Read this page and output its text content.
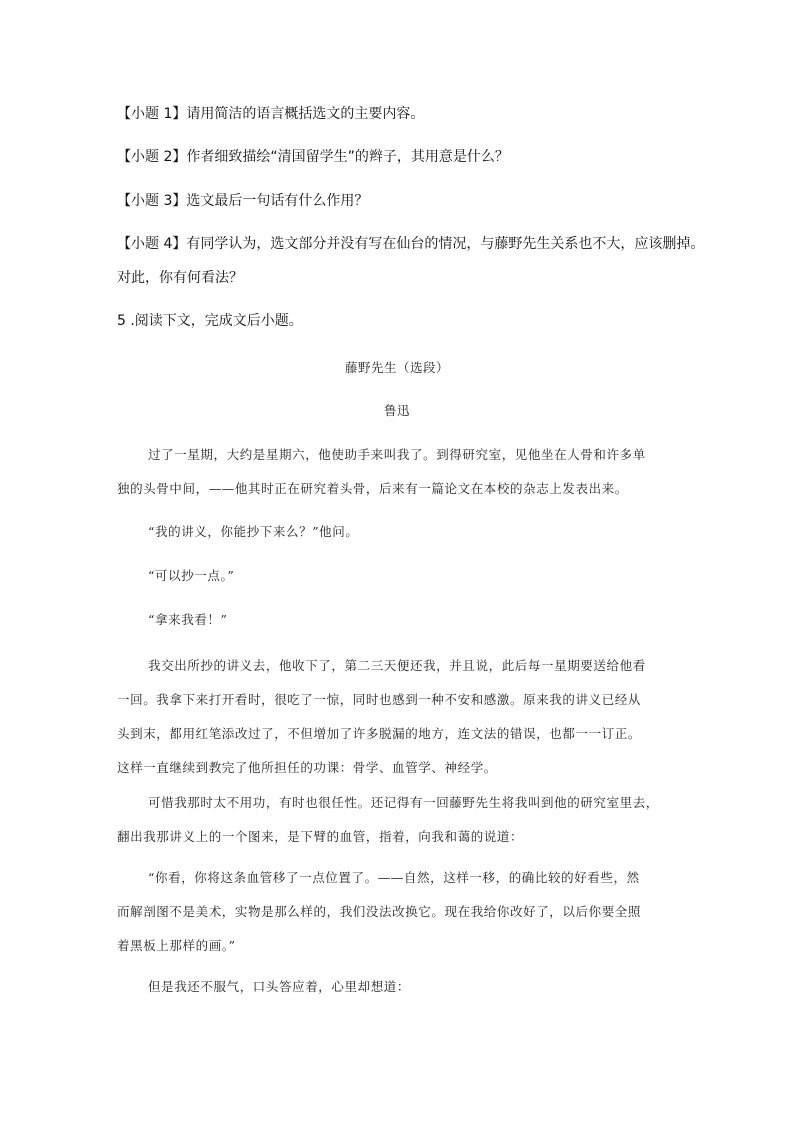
【小题 1】请用简洁的语言概括选文的主要内容。
【小题 2】作者细致描绘“清国留学生”的辫子，其用意是什么？
【小题 3】选文最后一句话有什么作用？
【小题 4】有同学认为，选文部分并没有写在仙台的情况，与藤野先生关系也不大，应该删掉。
对此，你有何看法？
5 .阅读下文，完成文后小题。
藤野先生（选段）
鲁迅
过了一星期，大约是星期六，他使助手来叫我了。到得研究室，见他坐在人骨和许多单
独的头骨中间，——他其时正在研究着头骨，后来有一篇论文在本校的杂志上发表出来。
“我的讲义，你能抄下来么？”他问。
“可以抄一点。”
“拿来我看！”
我交出所抄的讲义去，他收下了，第二三天便还我，并且说，此后每一星期要送给他看
一回。我拿下来打开看时，很吃了一惊，同时也感到一种不安和感激。原来我的讲义已经从
头到末，都用红笔添改过了，不但增加了许多脱漏的地方，连文法的错误，也都一一订正。
这样一直继续到教完了他所担任的功课：骨学、血管学、神经学。
可惜我那时太不用功，有时也很任性。还记得有一回藤野先生将我叫到他的研究室里去，
翻出我那讲义上的一个图来，是下臂的血管，指着，向我和蔼的说道：
“你看，你将这条血管移了一点位置了。——自然，这样一移，的确比较的好看些，然
而解剖图不是美术，实物是那么样的，我们没法改换它。现在我给你改好了，以后你要全照
着黑板上那样的画。”
但是我还不服气，口头答应着，心里却想道：
